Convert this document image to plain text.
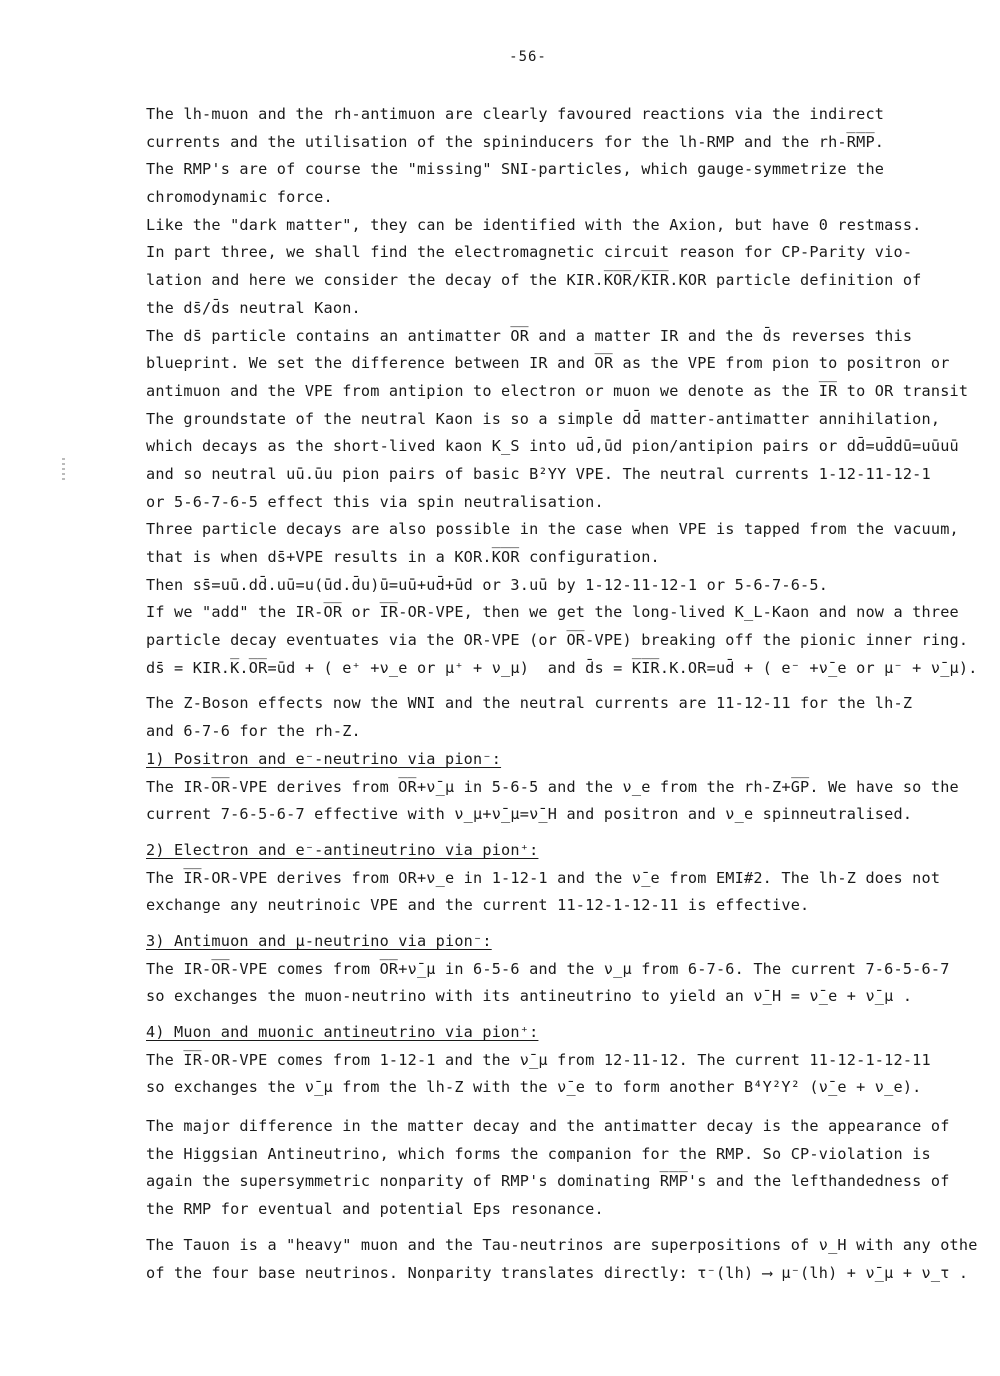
-56-
The lh-muon and the rh-antimuon are clearly favoured reactions via the indirect
currents and the utilisation of the spininducers for the lh-RMP and the rh-R̅M̅P̅.
The RMP's are of course the "missing" SNI-particles, which gauge-symmetrize the
chromodynamic force.
Like the "dark matter", they can be identified with the Axion, but have 0 restmass.
In part three, we shall find the electromagnetic circuit reason for CP-Parity vio-
lation and here we consider the decay of the KIR.K̅O̅R̅/K̅I̅R̅.KOR particle definition of
the ds̄/d̄s neutral Kaon.
The ds̄ particle contains an antimatter O̅R̅ and a matter IR and the d̄s reverses this
blueprint. We set the difference between IR and O̅R̅ as the VPE from pion to positron or
antimuon and the VPE from antipion to electron or muon we denote as the I̅R̅ to OR transit
The groundstate of the neutral Kaon is so a simple dd̄ matter-antimatter annihilation,
which decays as the short-lived kaon K_S into ud̄,ūd pion/antipion pairs or dd̄=ud̄dū=uūuū
and so neutral uū.ūu pion pairs of basic B²YY VPE. The neutral currents 1-12-11-12-1
or 5-6-7-6-5 effect this via spin neutralisation.
Three particle decays are also possible in the case when VPE is tapped from the vacuum,
that is when ds̄+VPE results in a KOR.K̅O̅R̅ configuration.
Then ss̄=uū.dd̄.uū=u(ūd.d̄u)ū=uū+ud̄+ūd or 3.uū by 1-12-11-12-1 or 5-6-7-6-5.
If we "add" the IR-O̅R̅ or I̅R̅-OR-VPE, then we get the long-lived K_L-Kaon and now a three
particle decay eventuates via the OR-VPE (or O̅R̅-VPE) breaking off the pionic inner ring.
ds̄ = KIR.K̅.O̅R̅=ūd + ( e⁺ +ν_e or μ⁺ + ν_μ)  and d̄s = K̅I̅R̅.K.OR=ud̄ + ( e⁻ +ν̄_e or μ⁻ + ν̄_μ).
The Z-Boson effects now the WNI and the neutral currents are 11-12-11 for the lh-Z
and 6-7-6 for the rh-Z.
1) Positron and e⁻-neutrino via pion⁻:
The IR-O̅R̅-VPE derives from O̅R̅+ν̄_μ in 5-6-5 and the ν_e from the rh-Z+G̅P̅. We have so the
current 7-6-5-6-7 effective with ν_μ+ν̄_μ=ν̄_H and positron and ν_e spinneutralised.
2) Electron and e⁻-antineutrino via pion⁺:
The I̅R̅-OR-VPE derives from OR+ν_e in 1-12-1 and the ν̄_e from EMI#2. The lh-Z does not
exchange any neutrinoic VPE and the current 11-12-1-12-11 is effective.
3) Antimuon and μ-neutrino via pion⁻:
The IR-O̅R̅-VPE comes from O̅R̅+ν̄_μ in 6-5-6 and the ν_μ from 6-7-6. The current 7-6-5-6-7
so exchanges the muon-neutrino with its antineutrino to yield an ν̄_H = ν̄_e + ν̄_μ .
4) Muon and muonic antineutrino via pion⁺:
The I̅R̅-OR-VPE comes from 1-12-1 and the ν̄_μ from 12-11-12. The current 11-12-1-12-11
so exchanges the ν̄_μ from the lh-Z with the ν̄_e to form another B⁴Y²Y² (ν̄_e + ν_e).
The major difference in the matter decay and the antimatter decay is the appearance of
the Higgsian Antineutrino, which forms the companion for the RMP. So CP-violation is
again the supersymmetric nonparity of RMP's dominating R̅M̅P̅'s and the lefthandedness of
the RMP for eventual and potential Eps resonance.
The Tauon is a "heavy" muon and the Tau-neutrinos are superpositions of ν_H with any othe
of the four base neutrinos. Nonparity translates directly: τ⁻(lh) ⟶ μ⁻(lh) + ν̄_μ + ν_τ .
